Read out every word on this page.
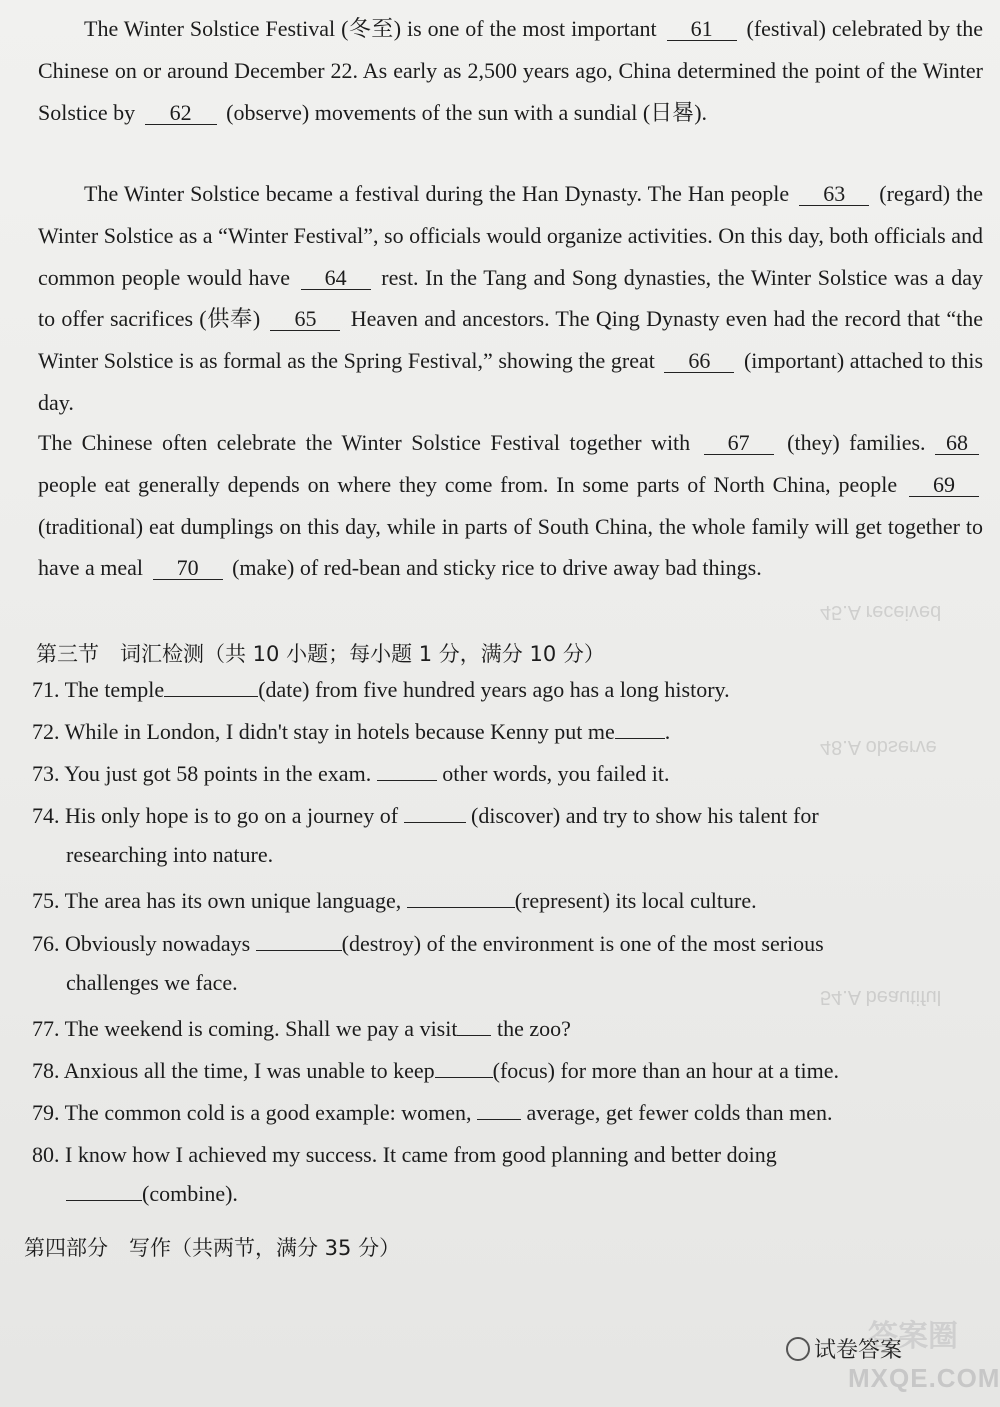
45.A received
48.A observe
54.A beautiful
The Winter Solstice Festival (冬至) is one of the most important 61 (festival) celebrated by the Chinese on or around December 22. As early as 2,500 years ago, China determined the point of the Winter Solstice by 62 (observe) movements of the sun with a sundial (日晷).
The Winter Solstice became a festival during the Han Dynasty. The Han people 63 (regard) the Winter Solstice as a “Winter Festival”, so officials would organize activities. On this day, both officials and common people would have 64 rest. In the Tang and Song dynasties, the Winter Solstice was a day to offer sacrifices (供奉) 65 Heaven and ancestors. The Qing Dynasty even had the record that “the Winter Solstice is as formal as the Spring Festival,” showing the great 66 (important) attached to this day.
The Chinese often celebrate the Winter Solstice Festival together with 67 (they) families. 68 people eat generally depends on where they come from. In some parts of North China, people 69 (traditional) eat dumplings on this day, while in parts of South China, the whole family will get together to have a meal 70 (make) of red-bean and sticky rice to drive away bad things.
第三节　词汇检测（共 10 小题；每小题 1 分，满分 10 分）
71. The temple	(date) from five hundred years ago has a long history.
72. While in London, I didn't stay in hotels because Kenny put me .
73. You just got 58 points in the exam.	other words, you failed it.
74. His only hope is to go on a journey of	(discover) and try to show his talent for
researching into nature.
75. The area has its own unique language,	(represent) its local culture.
76. Obviously nowadays	(destroy) of the environment is one of the most serious
challenges we face.
77. The weekend is coming. Shall we pay a visit the zoo?
78. Anxious all the time, I was unable to keep	(focus) for more than an hour at a time.
79. The common cold is a good example: women,	average, get fewer colds than men.
80. I know how I achieved my success. It came from good planning and better doing
(combine).
第四部分　写作（共两节，满分 35 分）
答案圈
试卷答案
MXQE.COM
